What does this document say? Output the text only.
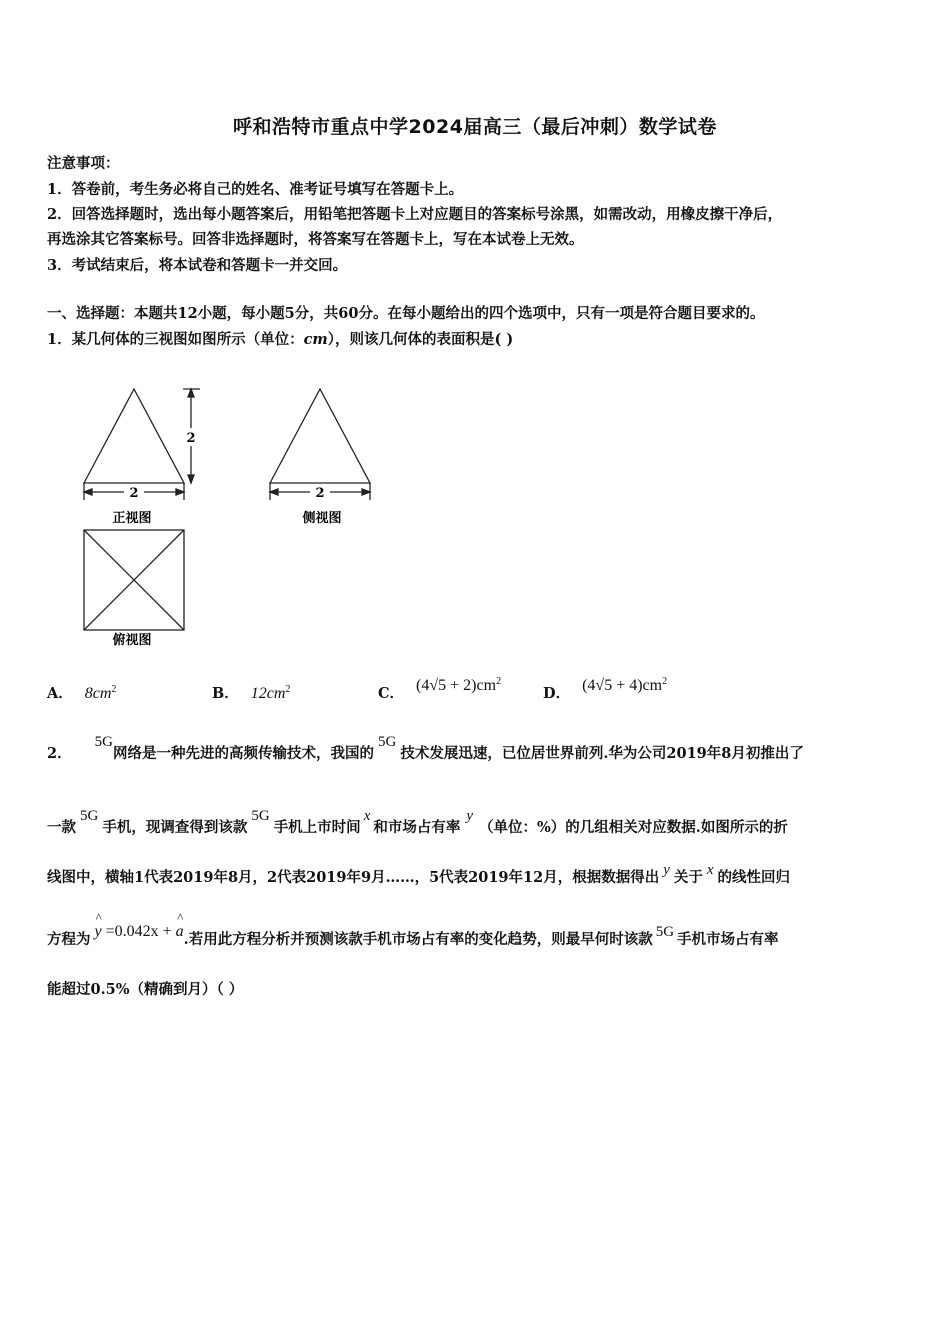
呼和浩特市重点中学2024届高三（最后冲刺）数学试卷
注意事项：
1．答卷前，考生务必将自己的姓名、准考证号填写在答题卡上。
2．回答选择题时，选出每小题答案后，用铅笔把答题卡上对应题目的答案标号涂黑，如需改动，用橡皮擦干净后，
再选涂其它答案标号。回答非选择题时，将答案写在答题卡上，写在本试卷上无效。
3．考试结束后，将本试卷和答题卡一并交回。
一、选择题：本题共12小题，每小题5分，共60分。在每小题给出的四个选项中，只有一项是符合题目要求的。
1．某几何体的三视图如图所示（单位：cm），则该几何体的表面积是( )
2
2	2
正视图	侧视图
俯视图
A． $8cm^2$	B． $12cm^2$	C． $(4√5 + 2)cm^2$
D． $(4√5 + 4)cm^2$
2． 5G网络是一种先进的高频传输技术，我国的5G技术发展迅速，已位居世界前列.华为公司2019年8月初推出了
一款5G手机，现调查得到该款5G手机上市时间x和市场占有率y（单位：%）的几组相关对应数据.如图所示的折
线图中，横轴1代表2019年8月，2代表2019年9月……，5代表2019年12月，根据数据得出 y 关于 x 的线性回归
方程为^ y =0.042x + ^ a.若用此方程分析并预测该款手机市场占有率的变化趋势，则最早何时该款 5G 手机市场占有率
能超过0.5%（精确到月）（ ）
